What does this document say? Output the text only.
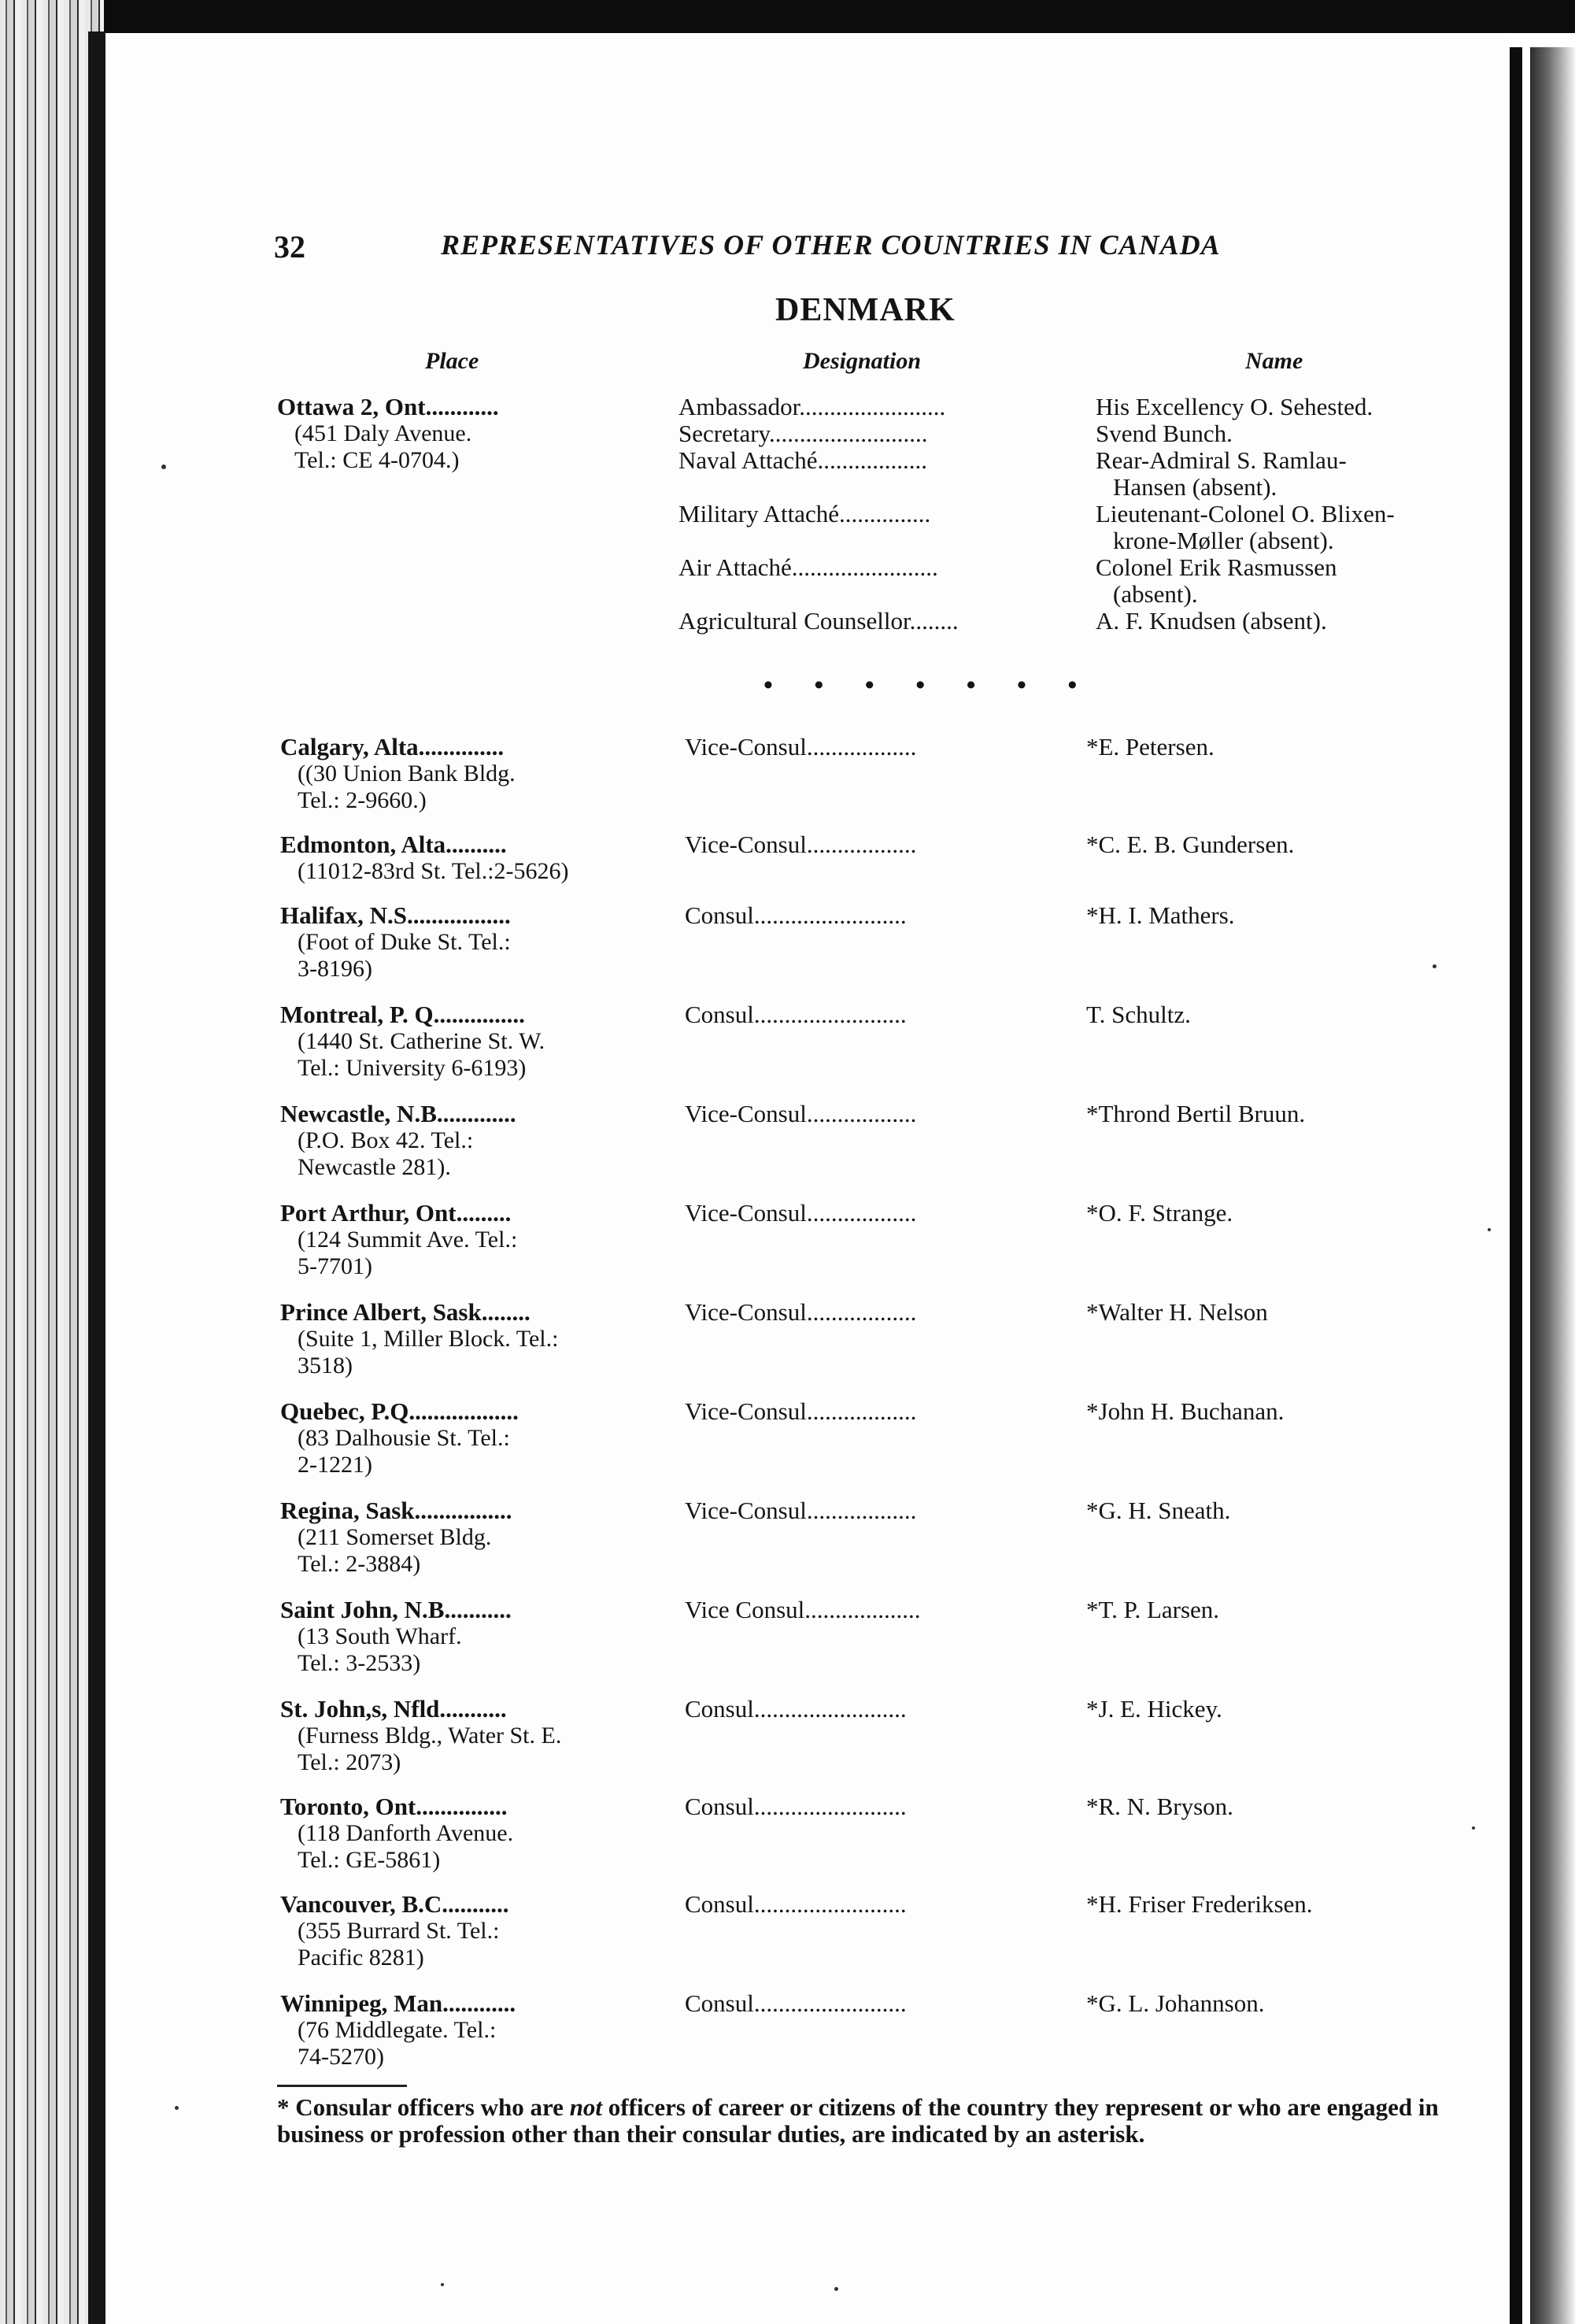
32	REPRESENTATIVES OF OTHER COUNTRIES IN CANADA
DENMARK
Place	Designation	Name
Ottawa 2, Ont............
(451 Daly Avenue.
Tel.: CE 4-0704.)
Ambassador........................	His Excellency O. Sehested.
Secretary..........................	Svend Bunch.
Naval Attaché..................	Rear-Admiral S. Ramlau-
Hansen (absent).
Military Attaché...............	Lieutenant-Colonel O. Blixen-
krone-Møller (absent).
Air Attaché........................	Colonel Erik Rasmussen
(absent).
Agricultural Counsellor........	A. F. Knudsen (absent).
• • • • • • •
Calgary, Alta..............
((30 Union Bank Bldg.
Tel.: 2-9660.)
Vice-Consul..................	*E. Petersen.
Edmonton, Alta..........
(11012-83rd St. Tel.:2-5626)
Vice-Consul..................	*C. E. B. Gundersen.
Halifax, N.S.................
(Foot of Duke St. Tel.:
3-8196)
Consul.........................	*H. I. Mathers.
Montreal, P. Q...............
(1440 St. Catherine St. W.
Tel.: University 6-6193)
Consul.........................	T. Schultz.
Newcastle, N.B.............
(P.O. Box 42. Tel.:
Newcastle 281).
Vice-Consul..................	*Thrond Bertil Bruun.
Port Arthur, Ont.........
(124 Summit Ave. Tel.:
5-7701)
Vice-Consul..................	*O. F. Strange.
Prince Albert, Sask........
(Suite 1, Miller Block. Tel.:
3518)
Vice-Consul..................	*Walter H. Nelson
Quebec, P.Q..................
(83 Dalhousie St. Tel.:
2-1221)
Vice-Consul..................	*John H. Buchanan.
Regina, Sask................
(211 Somerset Bldg.
Tel.: 2-3884)
Vice-Consul..................	*G. H. Sneath.
Saint John, N.B...........
(13 South Wharf.
Tel.: 3-2533)
Vice Consul...................	*T. P. Larsen.
St. John,s, Nfld...........
(Furness Bldg., Water St. E.
Tel.: 2073)
Consul.........................	*J. E. Hickey.
Toronto, Ont...............
(118 Danforth Avenue.
Tel.: GE-5861)
Consul.........................	*R. N. Bryson.
Vancouver, B.C...........
(355 Burrard St. Tel.:
Pacific 8281)
Consul.........................	*H. Friser Frederiksen.
Winnipeg, Man............
(76 Middlegate. Tel.:
74-5270)
Consul.........................	*G. L. Johannson.
* Consular officers who are not officers of career or citizens of the country they represent or who are engaged in business or profession other than their consular duties, are indicated by an asterisk.
